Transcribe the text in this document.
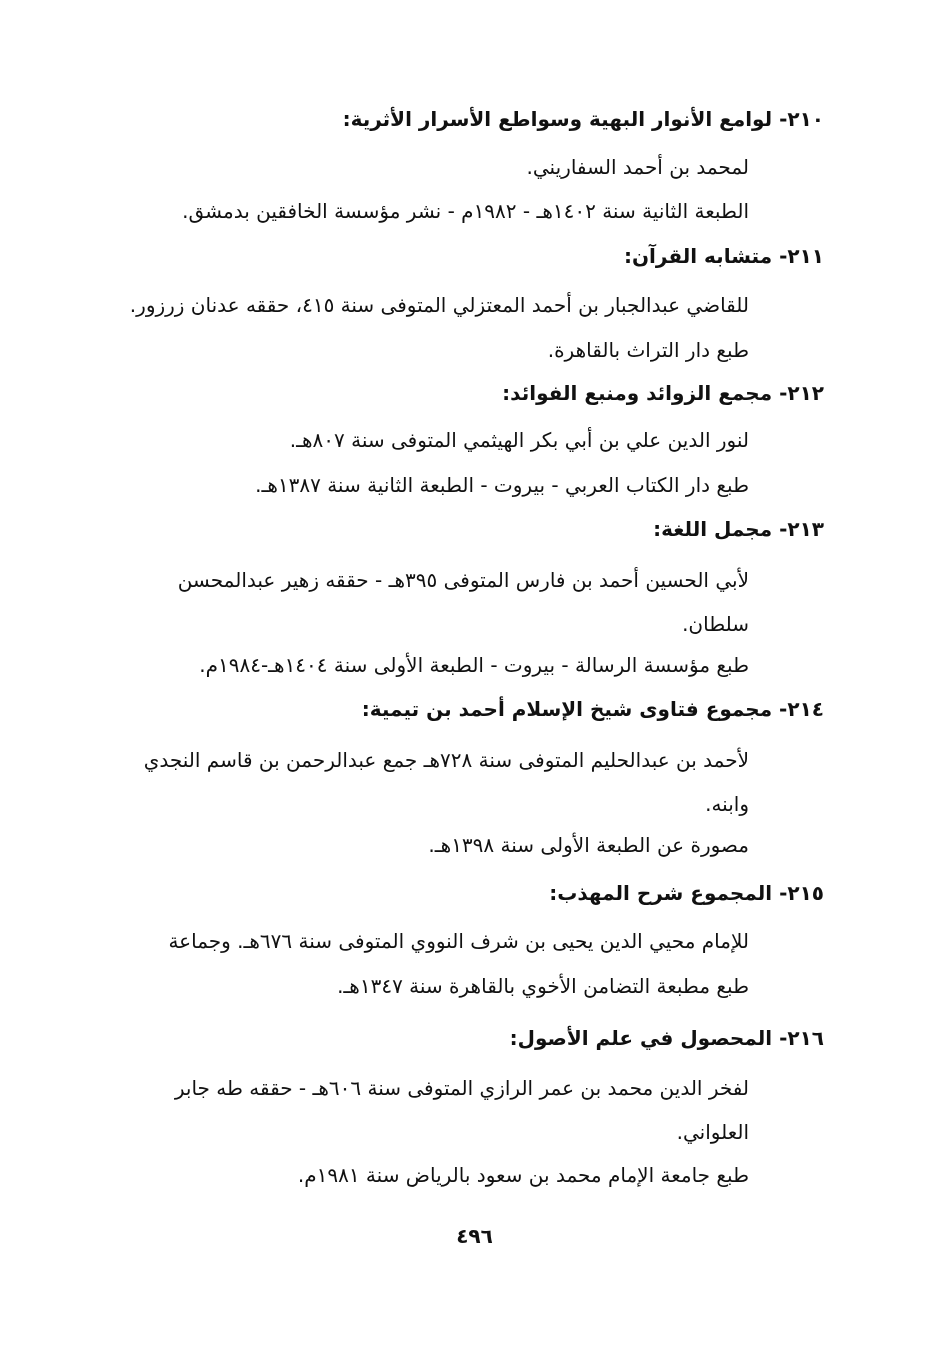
٢١٠- لوامع الأنوار البهية وسواطع الأسرار الأثرية:
لمحمد بن أحمد السفاريني.
الطبعة الثانية سنة ١٤٠٢هـ - ١٩٨٢م - نشر مؤسسة الخافقين بدمشق.
٢١١- متشابه القرآن:
للقاضي عبدالجبار بن أحمد المعتزلي المتوفى سنة ٤١٥، حققه عدنان زرزور.
طبع دار التراث بالقاهرة.
٢١٢- مجمع الزوائد ومنبع الفوائد:
لنور الدين علي بن أبي بكر الهيثمي المتوفى سنة ٨٠٧هـ.
طبع دار الكتاب العربي - بيروت - الطبعة الثانية سنة ١٣٨٧هـ.
٢١٣- مجمل اللغة:
لأبي الحسين أحمد بن فارس المتوفى ٣٩٥هـ - حققه زهير عبدالمحسن سلطان.
طبع مؤسسة الرسالة - بيروت - الطبعة الأولى سنة ١٤٠٤هـ-١٩٨٤م.
٢١٤- مجموع فتاوى شيخ الإسلام أحمد بن تيمية:
لأحمد بن عبدالحليم المتوفى سنة ٧٢٨هـ جمع عبدالرحمن بن قاسم النجدي وابنه.
مصورة عن الطبعة الأولى سنة ١٣٩٨هـ.
٢١٥- المجموع شرح المهذب:
للإمام محيي الدين يحيى بن شرف النووي المتوفى سنة ٦٧٦هـ. وجماعة
طبع مطبعة التضامن الأخوي بالقاهرة سنة ١٣٤٧هـ.
٢١٦- المحصول في علم الأصول:
لفخر الدين محمد بن عمر الرازي المتوفى سنة ٦٠٦هـ - حققه طه جابر العلواني.
طبع جامعة الإمام محمد بن سعود بالرياض سنة ١٩٨١م.
٤٩٦
